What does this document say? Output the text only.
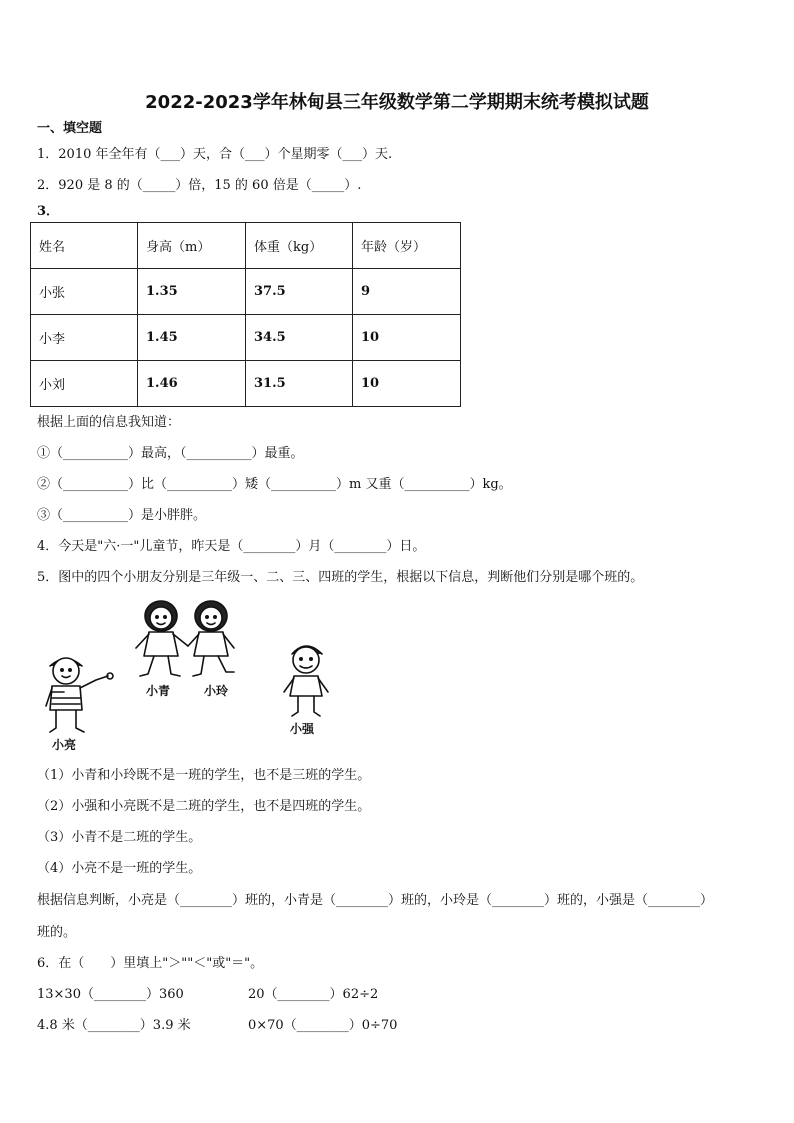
2022-2023学年林甸县三年级数学第二学期期末统考模拟试题
一、填空题
1．2010 年全年有（___）天，合（___）个星期零（___）天.
2．920 是 8 的（_____）倍，15 的 60 倍是（_____）.
3．
姓名	身高（m）	体重（kg）	年龄（岁）
小张	1.35	37.5	9
小李	1.45	34.5	10
小刘	1.46	31.5	10
根据上面的信息我知道：
①（__________）最高，（__________）最重。
②（__________）比（__________）矮（__________）m 又重（__________）kg。
③（__________）是小胖胖。
4．今天是"六·一"儿童节，昨天是（________）月（________）日。
5．图中的四个小朋友分别是三年级一、二、三、四班的学生，根据以下信息，判断他们分别是哪个班的。
小青	小玲
小亮
小强
（1）小青和小玲既不是一班的学生，也不是三班的学生。
（2）小强和小亮既不是二班的学生，也不是四班的学生。
（3）小青不是二班的学生。
（4）小亮不是一班的学生。
根据信息判断，小亮是（________）班的，小青是（________）班的，小玲是（________）班的，小强是（________）
班的。
6．在（　　）里填上"＞""＜"或"＝"。
13×30（________）360	20（________）62÷2
4.8 米（________）3.9 米	0×70（________）0÷70
